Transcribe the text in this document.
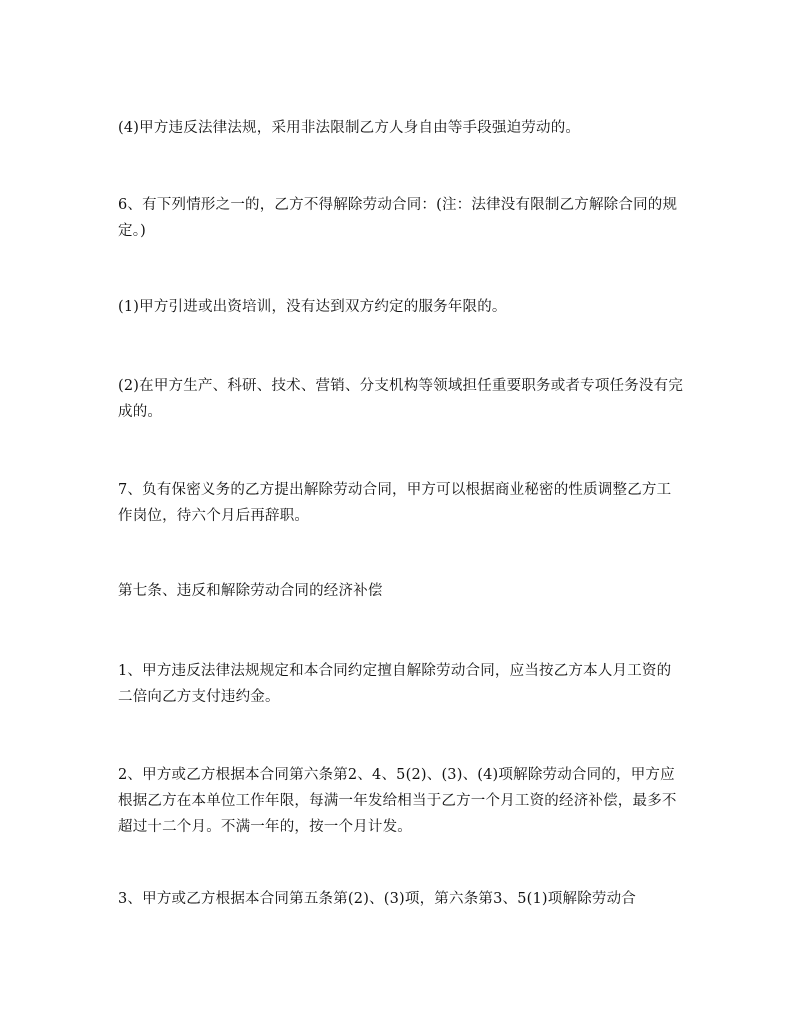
(4)甲方违反法律法规，采用非法限制乙方人身自由等手段强迫劳动的。

6、有下列情形之一的，乙方不得解除劳动合同：(注：法律没有限制乙方解除合同的规定。)

(1)甲方引进或出资培训，没有达到双方约定的服务年限的。

(2)在甲方生产、科研、技术、营销、分支机构等领域担任重要职务或者专项任务没有完成的。

7、负有保密义务的乙方提出解除劳动合同，甲方可以根据商业秘密的性质调整乙方工作岗位，待六个月后再辞职。

第七条、违反和解除劳动合同的经济补偿

1、甲方违反法律法规规定和本合同约定擅自解除劳动合同，应当按乙方本人月工资的二倍向乙方支付违约金。

2、甲方或乙方根据本合同第六条第2、4、5(2)、(3)、(4)项解除劳动合同的，甲方应根据乙方在本单位工作年限，每满一年发给相当于乙方一个月工资的经济补偿，最多不超过十二个月。不满一年的，按一个月计发。

3、甲方或乙方根据本合同第五条第(2)、(3)项，第六条第3、5(1)项解除劳动合
